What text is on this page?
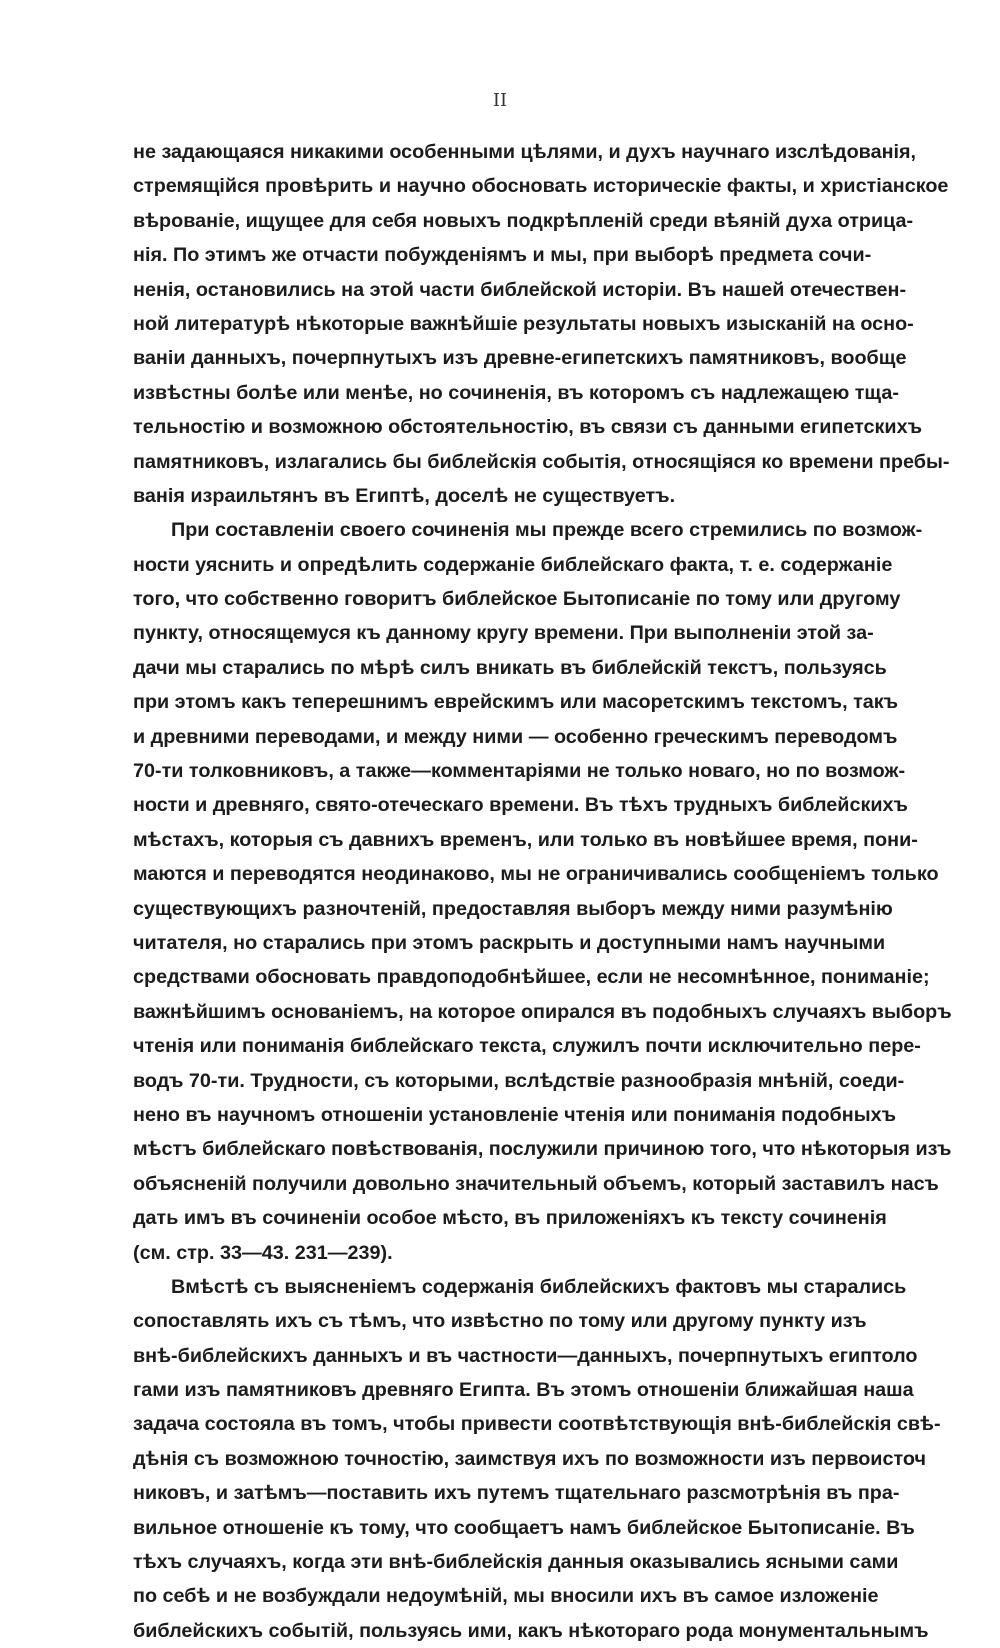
II
не задающаяся никакими особенными цѣлями, и духъ научнаго изслѣдованія,
стремящійся провѣрить и научно обосновать историческіе факты, и христіанское
вѣрованіе, ищущее для себя новыхъ подкрѣпленій среди вѣяній духа отрица-
нія. По этимъ же отчасти побужденіямъ и мы, при выборѣ предмета сочи-
ненія, остановились на этой части библейской исторіи. Въ нашей отечествен-
ной литературѣ нѣкоторые важнѣйшіе результаты новыхъ изысканій на осно-
ваніи данныхъ, почерпнутыхъ изъ древне-египетскихъ памятниковъ, вообще
извѣстны болѣе или менѣе, но сочиненія, въ которомъ съ надлежащею тща-
тельностію и возможною обстоятельностію, въ связи съ данными египетскихъ
памятниковъ, излагались бы библейскія событія, относящіяся ко времени пребы-
ванія израильтянъ въ Египтѣ, доселѣ не существуетъ.
При составленіи своего сочиненія мы прежде всего стремились по возмож-
ности уяснить и опредѣлить содержаніе библейскаго факта, т. е. содержаніе
того, что собственно говоритъ библейское Бытописаніе по тому или другому
пункту, относящемуся къ данному кругу времени. При выполненіи этой за-
дачи мы старались по мѣрѣ силъ вникать въ библейскій текстъ, пользуясь
при этомъ какъ теперешнимъ еврейскимъ или масоретскимъ текстомъ, такъ
и древними переводами, и между ними — особенно греческимъ переводомъ
70-ти толковниковъ, а также—комментаріями не только новаго, но по возмож-
ности и древняго, свято-отеческаго времени. Въ тѣхъ трудныхъ библейскихъ
мѣстахъ, которыя съ давнихъ временъ, или только въ новѣйшее время, пони-
маются и переводятся неодинаково, мы не ограничивались сообщеніемъ только
существующихъ разночтеній, предоставляя выборъ между ними разумѣнію
читателя, но старались при этомъ раскрыть и доступными намъ научными
средствами обосновать правдоподобнѣйшее, если не несомнѣнное, пониманіе;
важнѣйшимъ основаніемъ, на которое опирался въ подобныхъ случаяхъ выборъ
чтенія или пониманія библейскаго текста, служилъ почти исключительно пере-
водъ 70-ти. Трудности, съ которыми, вслѣдствіе разнообразія мнѣній, соеди-
нено въ научномъ отношеніи установленіе чтенія или пониманія подобныхъ
мѣстъ библейскаго повѣствованія, послужили причиною того, что нѣкоторыя изъ
объясненій получили довольно значительный объемъ, который заставилъ насъ
дать имъ въ сочиненіи особое мѣсто, въ приложеніяхъ къ тексту сочиненія
(см. стр. 33—43. 231—239).
Вмѣстѣ съ выясненіемъ содержанія библейскихъ фактовъ мы старались
сопоставлять ихъ съ тѣмъ, что извѣстно по тому или другому пункту изъ
внѣ-библейскихъ данныхъ и въ частности—данныхъ, почерпнутыхъ египтоло
гами изъ памятниковъ древняго Египта. Въ этомъ отношеніи ближайшая наша
задача состояла въ томъ, чтобы привести соотвѣтствующія внѣ-библейскія свѣ-
дѣнія съ возможною точностію, заимствуя ихъ по возможности изъ первоисточ
никовъ, и затѣмъ—поставить ихъ путемъ тщательнаго разсмотрѣнія въ пра-
вильное отношеніе къ тому, что сообщаетъ намъ библейское Бытописаніе. Въ
тѣхъ случаяхъ, когда эти внѣ-библейскія данныя оказывались ясными сами
по себѣ и не возбуждали недоумѣній, мы вносили ихъ въ самое изложеніе
библейскихъ событій, пользуясь ими, какъ нѣкотораго рода монументальнымъ
